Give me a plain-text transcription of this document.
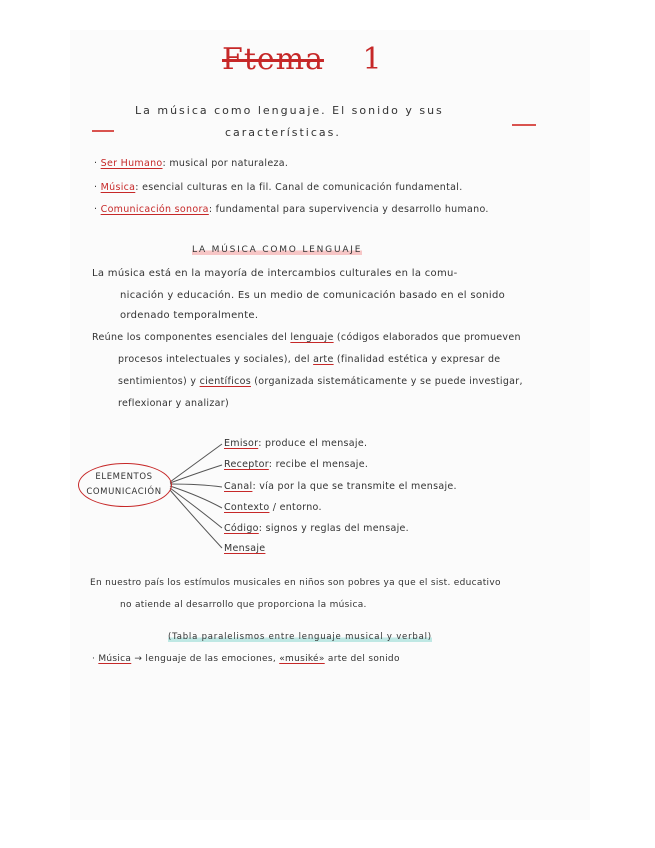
Ftema 1
La música como lenguaje. El sonido y sus
características.
· Ser Humano: musical por naturaleza.
· Música: esencial culturas en la fil. Canal de comunicación fundamental.
· Comunicación sonora: fundamental para supervivencia y desarrollo humano.
LA MÚSICA COMO LENGUAJE
La música está en la mayoría de intercambios culturales en la comu-
nicación y educación. Es un medio de comunicación basado en el sonido
ordenado temporalmente.
Reúne los componentes esenciales del lenguaje (códigos elaborados que promueven
procesos intelectuales y sociales), del arte (finalidad estética y expresar de
sentimientos) y científicos (organizada sistemáticamente y se puede investigar,
reflexionar y analizar)
ELEMENTOS
COMUNICACIÓN
Emisor: produce el mensaje.
Receptor: recibe el mensaje.
Canal: vía por la que se transmite el mensaje.
Contexto / entorno.
Código: signos y reglas del mensaje.
Mensaje
En nuestro país los estímulos musicales en niños son pobres ya que el sist. educativo
no atiende al desarrollo que proporciona la música.
(Tabla paralelismos entre lenguaje musical y verbal)
· Música → lenguaje de las emociones, «musiké» arte del sonido
